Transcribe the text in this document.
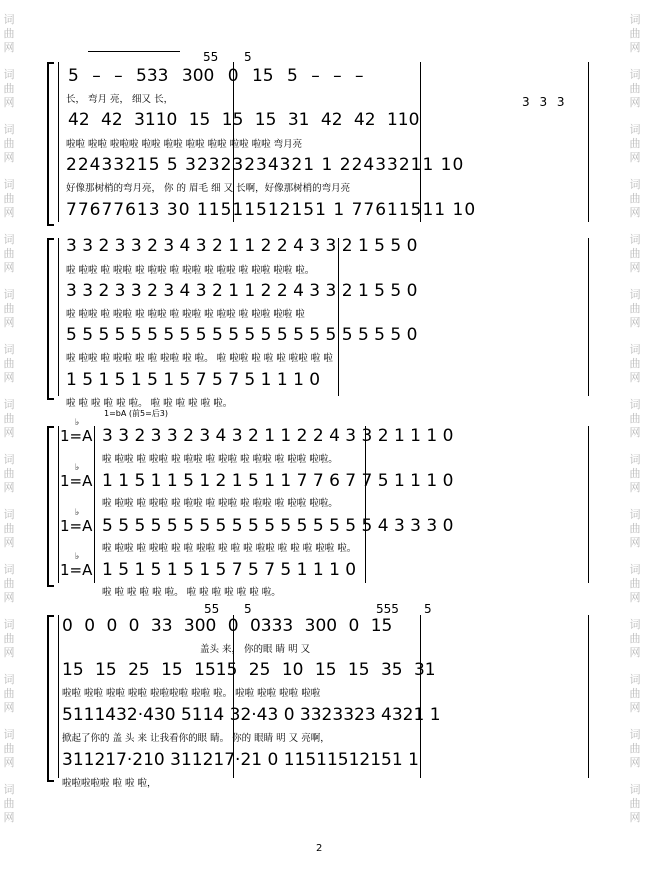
词
曲
网
词
曲
网
词
曲
网
词
曲
网
词
曲
网
词
曲
网
词
曲
网
词
曲
网
词
曲
网
词
曲
网
词
曲
网
词
曲
网
词
曲
网
词
曲
网
词
曲
网
词
曲
网
词
曲
网
词
曲
网
词
曲
网
词
曲
网
词
曲
网
词
曲
网
词
曲
网
词
曲
网
词
曲
网
词
曲
网
词
曲
网
词
曲
网
词
曲
网
词
曲
网
55 5
5 – – 533 300 0 15 5 – – –
长， 弯月 亮， 细又 长，	3 3 3
42 42 3110 15 15 15 31 42 42 110
啦啦 啦啦 啦啦啦 啦啦 啦啦 啦啦 啦啦 啦啦 啦啦 弯月亮
22433215 5 32323234321 1 22433211 10
好像那树梢的弯月亮， 你 的 眉毛 细 又 长啊，好像那树梢的弯月亮
77677613 30 11511512151 1 77611511 10
3 3 2 3 3 2 3 4 3 2 1 1 2 2 4 3 3 2 1 5 5 0
啦 啦啦 啦 啦啦 啦 啦啦 啦 啦啦 啦 啦啦 啦 啦啦 啦啦 啦。
3 3 2 3 3 2 3 4 3 2 1 1 2 2 4 3 3 2 1 5 5 0
啦 啦啦 啦 啦啦 啦 啦啦 啦 啦啦 啦 啦啦 啦 啦啦 啦啦 啦
5 5 5 5 5 5 5 5 5 5 5 5 5 5 5 5 5 5 5 5 5 0
啦 啦啦 啦 啦啦 啦 啦 啦啦 啦 啦。 啦 啦啦 啦 啦 啦 啦啦 啦 啦
1 5 1 5 1 5 1 5 7 5 7 5 1 1 1 0
啦 啦 啦 啦 啦 啦。 啦 啦 啦 啦 啦 啦。
1=bA (前5=后3)
♭
1=A
♭
1=A
♭
1=A
♭
1=A
3 3 2 3 3 2 3 4 3 2 1 1 2 2 4 3 3 2 1 1 1 0
啦 啦啦 啦 啦啦 啦 啦啦 啦 啦啦 啦 啦啦 啦 啦啦 啦啦。
1 1 5 1 1 5 1 2 1 5 1 1 7 7 6 7 7 5 1 1 1 0
啦 啦啦 啦 啦啦 啦 啦啦 啦 啦啦 啦 啦啦 啦 啦啦 啦啦。
5 5 5 5 5 5 5 5 5 5 5 5 5 5 5 5 5 4 3 3 3 0
啦 啦啦 啦 啦啦 啦 啦 啦啦 啦 啦 啦 啦啦 啦 啦 啦 啦啦 啦。
1 5 1 5 1 5 1 5 7 5 7 5 1 1 1 0
啦 啦 啦 啦 啦 啦。 啦 啦 啦 啦 啦 啦 啦。
55 5	555 5
0 0 0 0 33 300 0 0333 300 0 15
盖头 来， 你的眼 睛 明 又
15 15 25 15 1515 25 10 15 15 35 31
啦啦 啦啦 啦啦 啦啦 啦啦啦啦 啦啦 啦。 啦啦 啦啦 啦啦 啦啦
5111432·430 5114 32·43 0 3323323 4321 1
掀起了你的 盖 头 来 让我看你的眼 睛。 你的 眼睛 明 又 亮啊，
311217·210 311217·21 0 11511512151 1
啦啦啦啦啦 啦 啦 啦，
2
